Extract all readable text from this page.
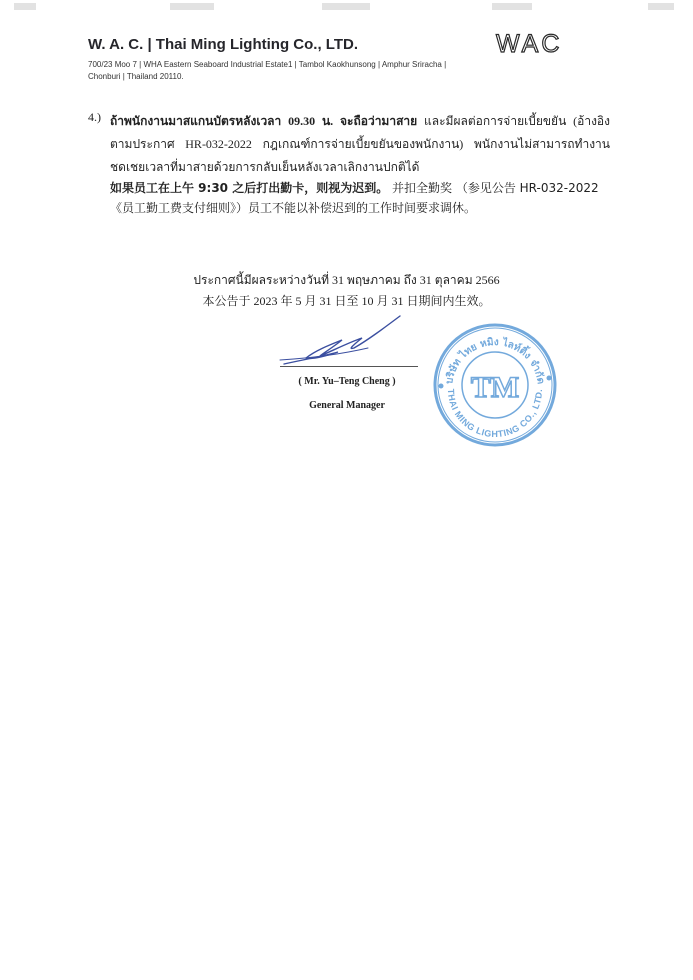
W. A. C. | Thai Ming Lighting Co., LTD.
700/23 Moo 7 | WHA Eastern Seaboard Industrial Estate1 | Tambol Kaokhunsong | Amphur Sriracha |
Chonburi | Thailand 20110.
WAC
4.) ถ้าพนักงานมาสแกนบัตรหลังเวลา 09.30 น. จะถือว่ามาสาย และมีผลต่อการจ่ายเบี้ยขยัน (อ้างอิงตามประกาศ HR-032-2022 กฎเกณฑ์การจ่ายเบี้ยขยันของพนักงาน) พนักงานไม่สามารถทำงานชดเชยเวลาที่มาสายด้วยการกลับเย็นหลังเวลาเลิกงานปกติได้
如果员工在上午 9:30 之后打出勤卡，则视为迟到。 并扣全勤奖 （参见公告 HR-032-2022《员工勤工费支付细则》）员工不能以补偿迟到的工作时间要求调休。
ประกาศนี้มีผลระหว่างวันที่ 31 พฤษภาคม ถึง 31 ตุลาคม 2566
本公告于 2023 年 5 月 31 日至 10 月 31 日期间内生效。
( Mr. Yu–Teng Cheng )
General Manager
บริษัท ไทย หมิง ไลท์ติ้ง จำกัด
THAI MING LIGHTING CO., LTD.
TM
